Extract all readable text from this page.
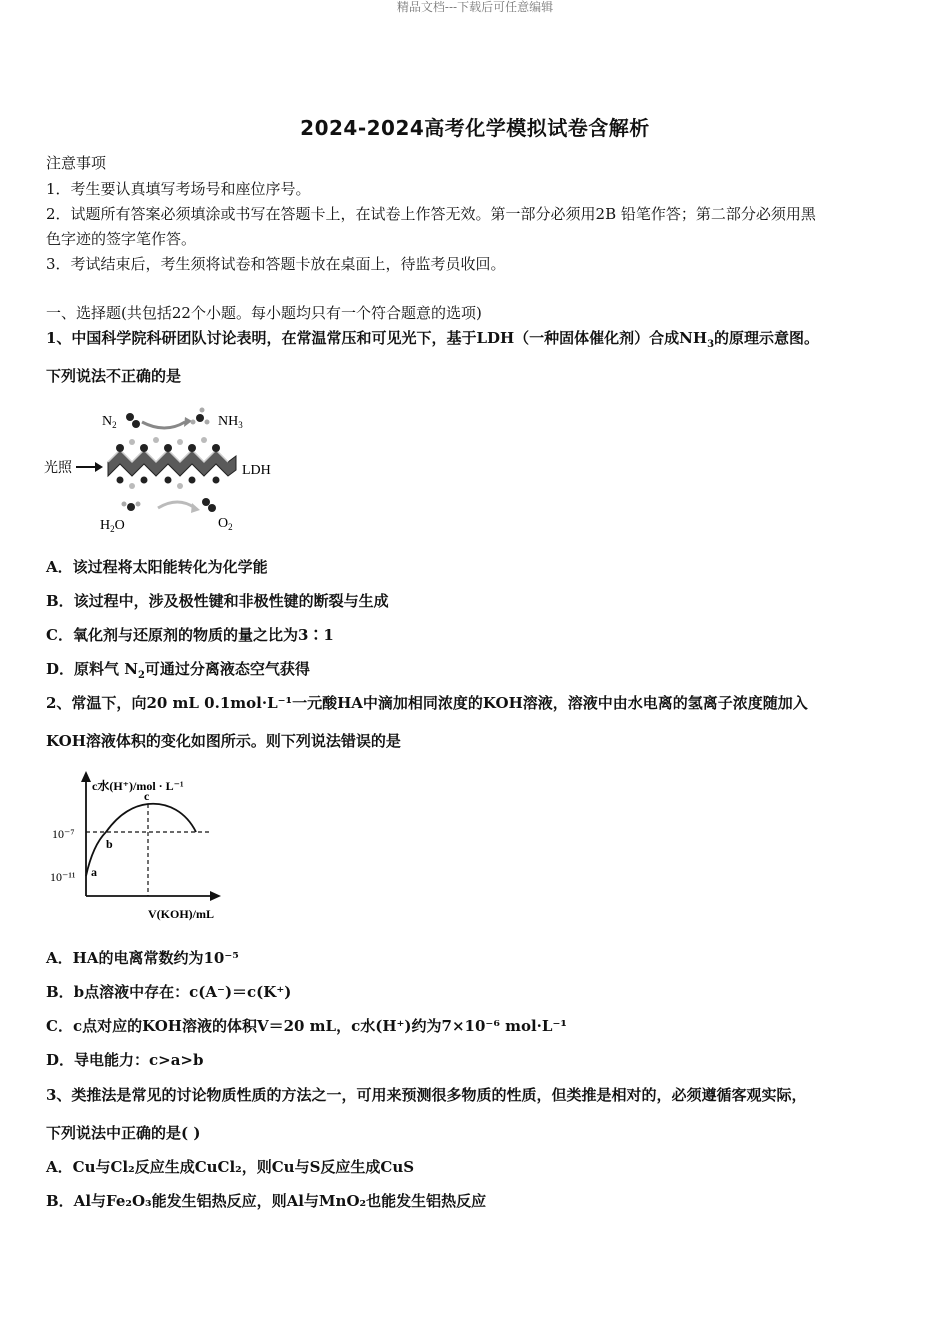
精品文档---下载后可任意编辑
2024-2024高考化学模拟试卷含解析
注意事项
1．考生要认真填写考场号和座位序号。
2．试题所有答案必须填涂或书写在答题卡上，在试卷上作答无效。第一部分必须用2B 铅笔作答；第二部分必须用黑
色字迹的签字笔作答。
3．考试结束后，考生须将试卷和答题卡放在桌面上，待监考员收回。
一、选择题(共包括22个小题。每小题均只有一个符合题意的选项)
1、中国科学院科研团队讨论表明，在常温常压和可见光下，基于LDH（一种固体催化剂）合成$NH_3$的原理示意图。
下列说法不正确的是
$N_2$	$NH_3$
光照	LDH
$H_2O$	$O_2$
A．该过程将太阳能转化为化学能
B．该过程中，涉及极性键和非极性键的断裂与生成
C．氧化剂与还原剂的物质的量之比为3∶1
D．原料气 $N_2$可通过分离液态空气获得
2、常温下，向20 mL 0.1mol·L⁻¹一元酸HA中滴加相同浓度的KOH溶液，溶液中由水电离的氢离子浓度随加入
KOH溶液体积的变化如图所示。则下列说法错误的是
c水(H⁺)/mol · L⁻¹
V(KOH)/mL
10⁻⁷
10⁻¹¹ a
b
c
A．HA的电离常数约为10⁻⁵
B．b点溶液中存在：c(A⁻)＝c(K⁺)
C．c点对应的KOH溶液的体积V＝20 mL，c水(H⁺)约为7×10⁻⁶ mol·L⁻¹
D．导电能力：c>a>b
3、类推法是常见的讨论物质性质的方法之一，可用来预测很多物质的性质，但类推是相对的，必须遵循客观实际，
下列说法中正确的是( )
A．Cu与Cl₂反应生成CuCl₂，则Cu与S反应生成CuS
B．Al与Fe₂O₃能发生铝热反应，则Al与MnO₂也能发生铝热反应
